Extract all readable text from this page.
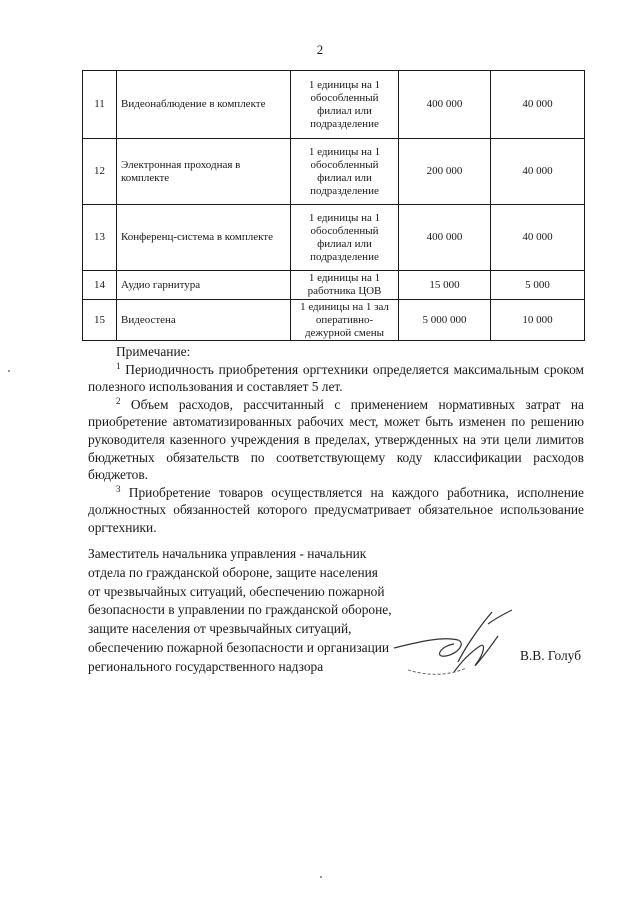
2
11	Видеонаблюдение в комплекте	1 единицы на 1 обособленный филиал или подразделение	400 000	40 000
12	Электронная проходная в комплекте	1 единицы на 1 обособленный филиал или подразделение	200 000	40 000
13	Конференц-система в комплекте	1 единицы на 1 обособленный филиал или подразделение	400 000	40 000
14	Аудио гарнитура	1 единицы на 1 работника ЦОВ	15 000	5 000
15	Видеостена	1 единицы на 1 зал оперативно-дежурной смены	5 000 000	10 000

Примечание:

$^1$ Периодичность приобретения оргтехники определяется максимальным сроком полезного использования и составляет 5 лет.

$^2$ Объем расходов, рассчитанный с применением нормативных затрат на приобретение автоматизированных рабочих мест, может быть изменен по решению руководителя казенного учреждения в пределах, утвержденных на эти цели лимитов бюджетных обязательств по соответствующему коду классификации расходов бюджетов.

$^3$ Приобретение товаров осуществляется на каждого работника, исполнение должностных обязанностей которого предусматривает обязательное использование оргтехники.

Заместитель начальника управления - начальник
отдела по гражданской обороне, защите населения
от чрезвычайных ситуаций, обеспечению пожарной
безопасности в управлении по гражданской обороне,
защите населения от чрезвычайных ситуаций,
обеспечению пожарной безопасности и организации
регионального государственного надзора
В.В. Голуб
